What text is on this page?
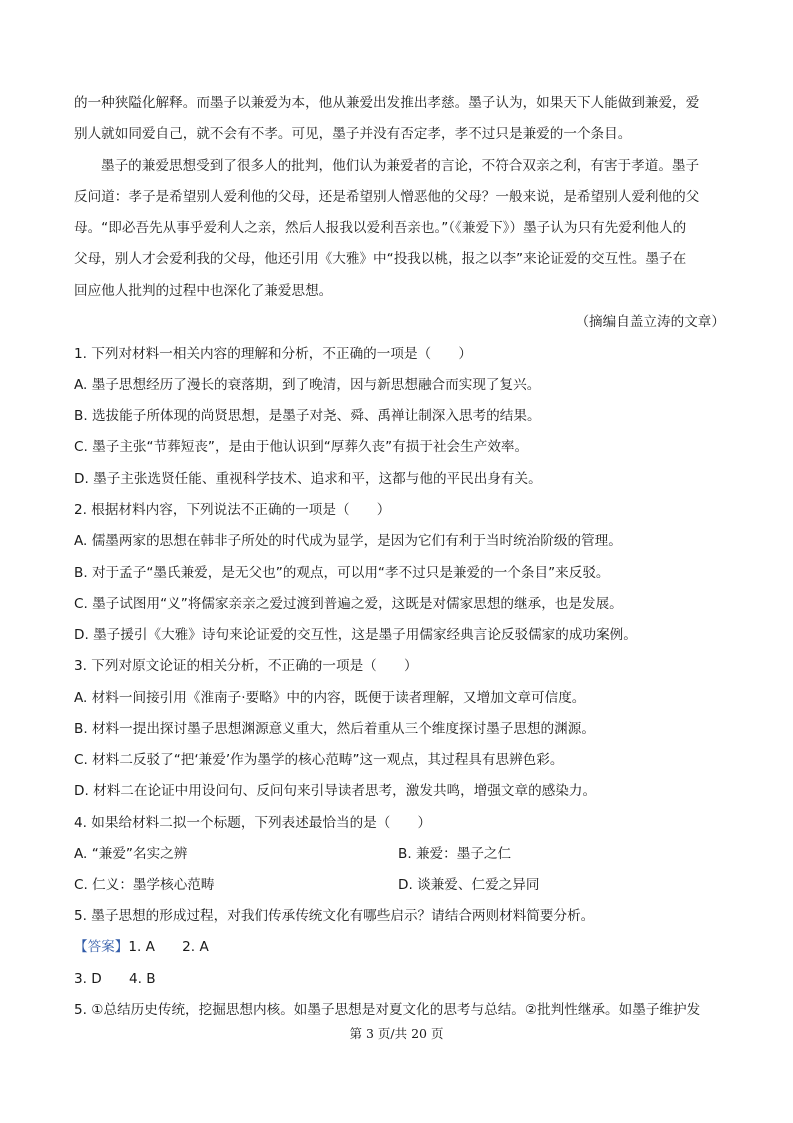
的一种狭隘化解释。而墨子以兼爱为本，他从兼爱出发推出孝慈。墨子认为，如果天下人能做到兼爱，爱
别人就如同爱自己，就不会有不孝。可见，墨子并没有否定孝，孝不过只是兼爱的一个条目。
墨子的兼爱思想受到了很多人的批判，他们认为兼爱者的言论，不符合双亲之利，有害于孝道。墨子
反问道：孝子是希望别人爱利他的父母，还是希望别人憎恶他的父母？一般来说，是希望别人爱利他的父
母。“即必吾先从事乎爱利人之亲，然后人报我以爱利吾亲也。”（《兼爱下》）墨子认为只有先爱利他人的
父母，别人才会爱利我的父母，他还引用《大雅》中“投我以桃，报之以李”来论证爱的交互性。墨子在
回应他人批判的过程中也深化了兼爱思想。
（摘编自盖立涛的文章）
1. 下列对材料一相关内容的理解和分析，不正确的一项是（　　）
A. 墨子思想经历了漫长的衰落期，到了晚清，因与新思想融合而实现了复兴。
B. 选拔能子所体现的尚贤思想，是墨子对尧、舜、禹禅让制深入思考的结果。
C. 墨子主张“节葬短丧”，是由于他认识到“厚葬久丧”有损于社会生产效率。
D. 墨子主张选贤任能、重视科学技术、追求和平，这都与他的平民出身有关。
2. 根据材料内容，下列说法不正确的一项是（　　）
A. 儒墨两家的思想在韩非子所处的时代成为显学，是因为它们有利于当时统治阶级的管理。
B. 对于孟子“墨氏兼爱，是无父也”的观点，可以用“孝不过只是兼爱的一个条目”来反驳。
C. 墨子试图用“义”将儒家亲亲之爱过渡到普遍之爱，这既是对儒家思想的继承，也是发展。
D. 墨子援引《大雅》诗句来论证爱的交互性，这是墨子用儒家经典言论反驳儒家的成功案例。
3. 下列对原文论证的相关分析，不正确的一项是（　　）
A. 材料一间接引用《淮南子·要略》中的内容，既便于读者理解，又增加文章可信度。
B. 材料一提出探讨墨子思想渊源意义重大，然后着重从三个维度探讨墨子思想的渊源。
C. 材料二反驳了“把‘兼爱’作为墨学的核心范畴”这一观点，其过程具有思辨色彩。
D. 材料二在论证中用设问句、反问句来引导读者思考，激发共鸣，增强文章的感染力。
4. 如果给材料二拟一个标题，下列表述最恰当的是（　　）
A. “兼爱”名实之辨	B. 兼爱：墨子之仁
C. 仁义：墨学核心范畴	D. 谈兼爱、仁爱之异同
5. 墨子思想的形成过程，对我们传承传统文化有哪些启示？请结合两则材料简要分析。
【答案】1. A　　2. A
3. D　　4. B
5. ①总结历史传统，挖掘思想内核。如墨子思想是对夏文化的思考与总结。②批判性继承。如墨子维护发
第 3 页/共 20 页
